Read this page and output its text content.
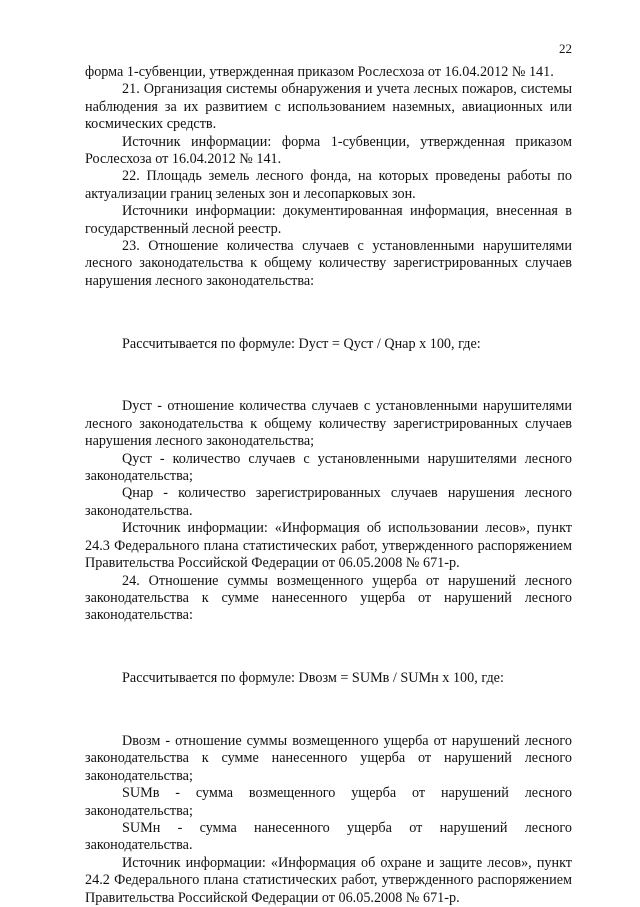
22

форма 1-субвенции, утвержденная приказом Рослесхоза от 16.04.2012 № 141.

21. Организация системы обнаружения и учета лесных пожаров, системы наблюдения за их развитием с использованием наземных, авиационных или космических средств.

Источник информации: форма 1-субвенции, утвержденная приказом Рослесхоза от 16.04.2012 № 141.

22. Площадь земель лесного фонда, на которых проведены работы по актуализации границ зеленых зон и лесопарковых зон.

Источники информации: документированная информация, внесенная в государственный лесной реестр.

23. Отношение количества случаев с установленными нарушителями лесного законодательства к общему количеству зарегистрированных случаев нарушения лесного законодательства:

Рассчитывается по формуле: Dуст = Qуст / Qнар х 100, где:

Dуст - отношение количества случаев с установленными нарушителями лесного законодательства к общему количеству зарегистрированных случаев нарушения лесного законодательства;

Qуст - количество случаев с установленными нарушителями лесного законодательства;

Qнар - количество зарегистрированных случаев нарушения лесного законодательства.

Источник информации: «Информация об использовании лесов», пункт 24.3 Федерального плана статистических работ, утвержденного распоряжением Правительства Российской Федерации от 06.05.2008 № 671-р.

24. Отношение суммы возмещенного ущерба от нарушений лесного законодательства к сумме нанесенного ущерба от нарушений лесного законодательства:

Рассчитывается по формуле: Dвозм = SUMв / SUMн х 100, где:

Dвозм - отношение суммы возмещенного ущерба от нарушений лесного законодательства к сумме нанесенного ущерба от нарушений лесного законодательства;

SUMв - сумма возмещенного ущерба от нарушений лесного законодательства;

SUMн - сумма нанесенного ущерба от нарушений лесного законодательства.

Источник информации: «Информация об охране и защите лесов», пункт 24.2 Федерального плана статистических работ, утвержденного распоряжением Правительства Российской Федерации от 06.05.2008 № 671-р.
